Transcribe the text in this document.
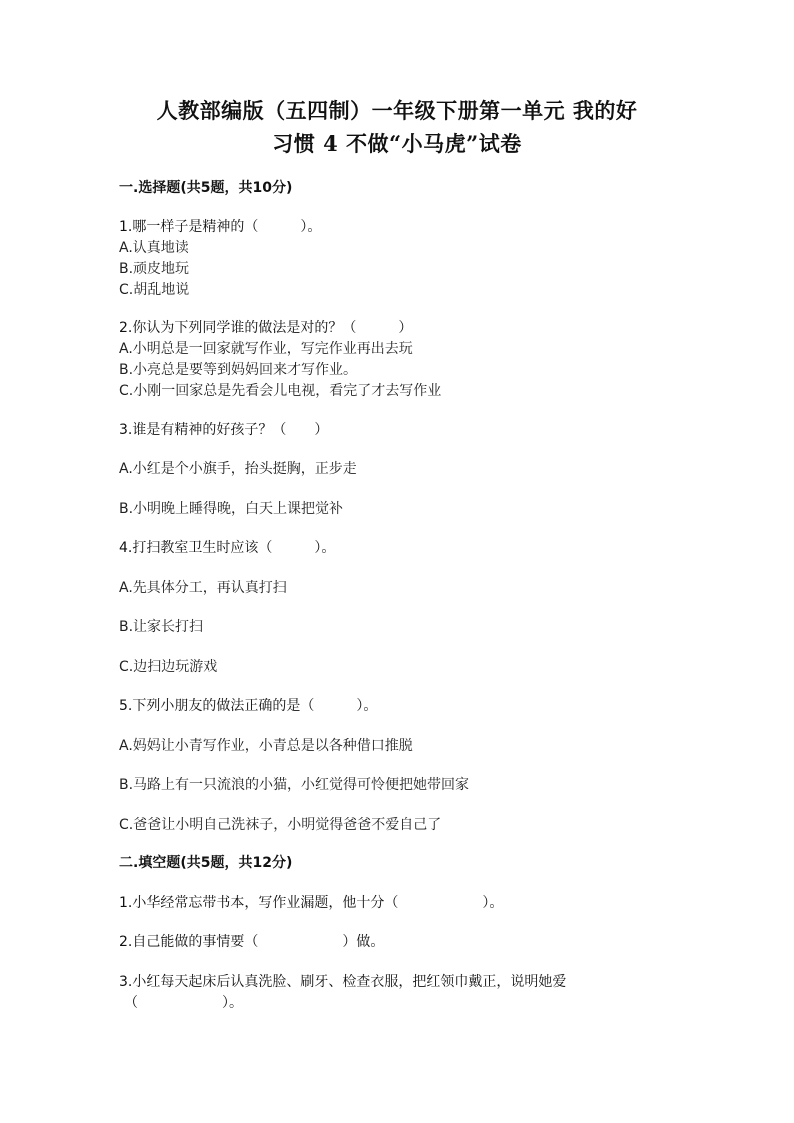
人教部编版（五四制）一年级下册第一单元 我的好
习惯 4 不做“小马虎”试卷
一.选择题(共5题，共10分)
1.哪一样子是精神的（　　　）。
A.认真地读
B.顽皮地玩
C.胡乱地说
2.你认为下列同学谁的做法是对的？（　　　）
A.小明总是一回家就写作业，写完作业再出去玩
B.小亮总是要等到妈妈回来才写作业。
C.小刚一回家总是先看会儿电视，看完了才去写作业
3.谁是有精神的好孩子？（　　）
A.小红是个小旗手，抬头挺胸，正步走
B.小明晚上睡得晚，白天上课把觉补
4.打扫教室卫生时应该（　　　）。
A.先具体分工，再认真打扫
B.让家长打扫
C.边扫边玩游戏
5.下列小朋友的做法正确的是（　　　）。
A.妈妈让小青写作业，小青总是以各种借口推脱
B.马路上有一只流浪的小猫，小红觉得可怜便把她带回家
C.爸爸让小明自己洗袜子，小明觉得爸爸不爱自己了
二.填空题(共5题，共12分)
1.小华经常忘带书本，写作业漏题，他十分（　　　　　　）。
2.自己能做的事情要（　　　　　　）做。
3.小红每天起床后认真洗脸、刷牙、检查衣服，把红领巾戴正，说明她爱
（　　　　　　）。
